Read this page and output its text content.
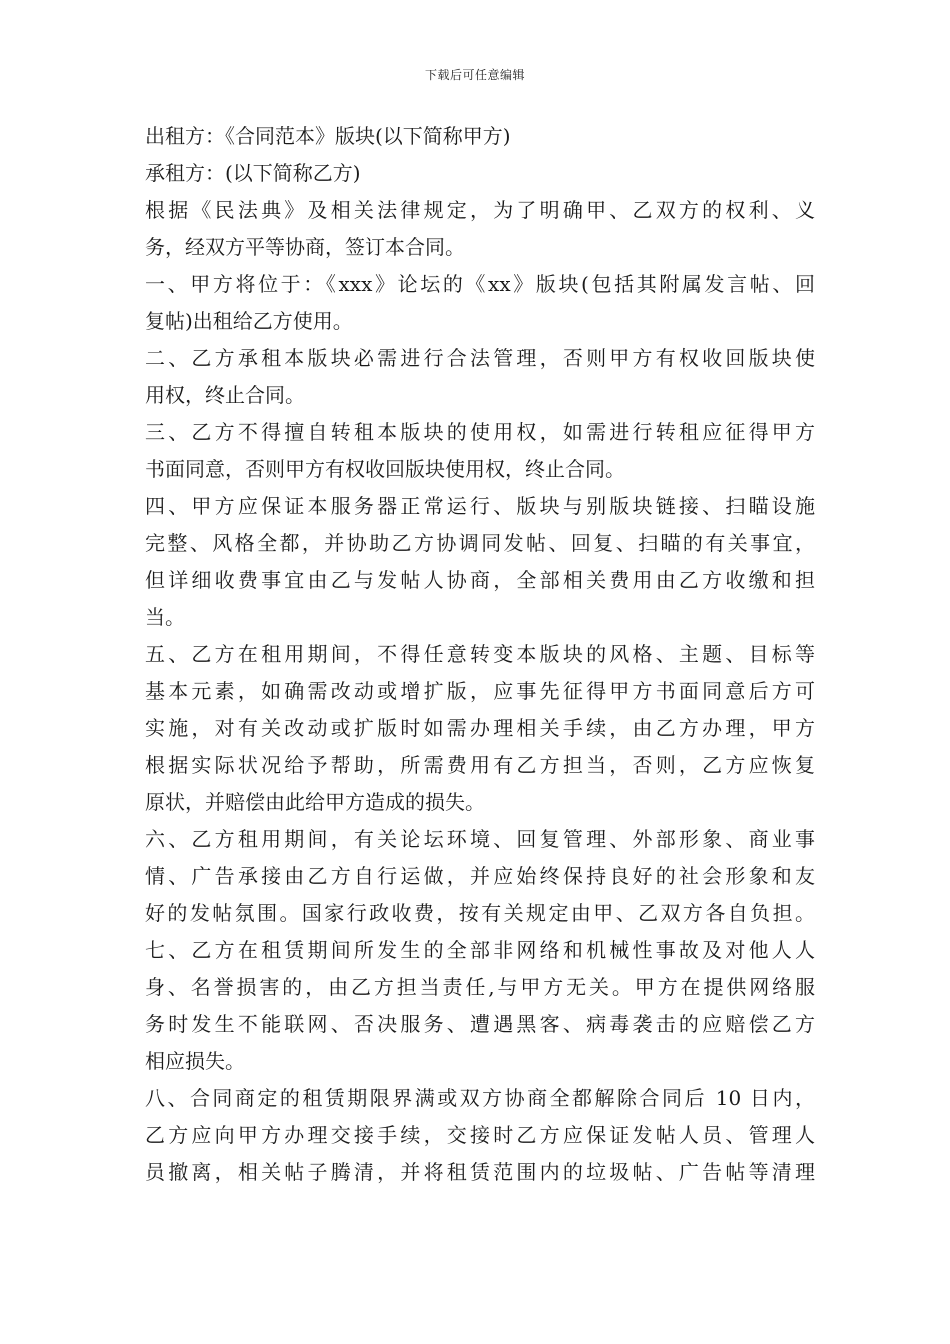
下载后可任意编辑
出租方：《合同范本》版块(以下简称甲方)
承租方：(以下简称乙方)
根据《民法典》及相关法律规定，为了明确甲、乙双方的权利、义
务，经双方平等协商，签订本合同。
一、甲方将位于：《xxx》论坛的《xx》版块(包括其附属发言帖、回
复帖)出租给乙方使用。
二、乙方承租本版块必需进行合法管理，否则甲方有权收回版块使
用权，终止合同。
三、乙方不得擅自转租本版块的使用权，如需进行转租应征得甲方
书面同意，否则甲方有权收回版块使用权，终止合同。
四、甲方应保证本服务器正常运行、版块与别版块链接、扫瞄设施
完整、风格全都，并协助乙方协调同发帖、回复、扫瞄的有关事宜，
但详细收费事宜由乙与发帖人协商，全部相关费用由乙方收缴和担
当。
五、乙方在租用期间，不得任意转变本版块的风格、主题、目标等
基本元素，如确需改动或增扩版，应事先征得甲方书面同意后方可
实施，对有关改动或扩版时如需办理相关手续，由乙方办理，甲方
根据实际状况给予帮助，所需费用有乙方担当，否则，乙方应恢复
原状，并赔偿由此给甲方造成的损失。
六、乙方租用期间，有关论坛环境、回复管理、外部形象、商业事
情、广告承接由乙方自行运做，并应始终保持良好的社会形象和友
好的发帖氛围。国家行政收费，按有关规定由甲、乙双方各自负担。
七、乙方在租赁期间所发生的全部非网络和机械性事故及对他人人
身、名誉损害的，由乙方担当责任,与甲方无关。甲方在提供网络服
务时发生不能联网、否决服务、遭遇黑客、病毒袭击的应赔偿乙方
相应损失。
八、合同商定的租赁期限界满或双方协商全都解除合同后 10 日内，
乙方应向甲方办理交接手续，交接时乙方应保证发帖人员、管理人
员撤离，相关帖子腾清，并将租赁范围内的垃圾帖、广告帖等清理
